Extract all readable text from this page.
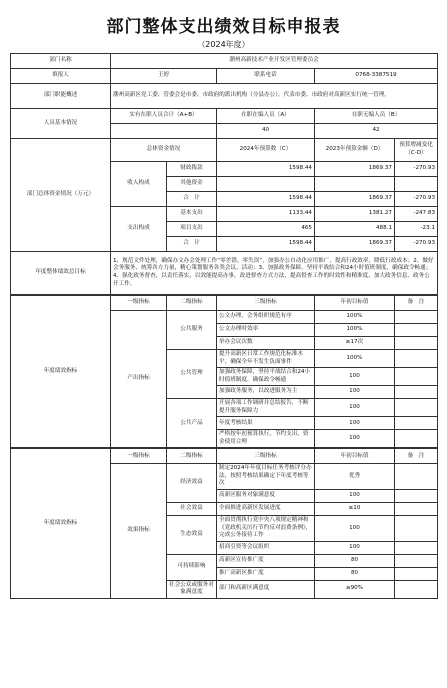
部门整体支出绩效目标申报表
（2024年度）
部门名称	潮州高新技术产业开发区管理委员会				
填报人	王婷		联系电话	0768-3387519	
部门职能概述	潮州高新区党工委、管委会是市委、市政府的派出机构（分县办公），代表市委、市政府对高新区实行统一管理。				
人员基本情况	实有在职人员合计（A+B）		在职在编人员（A）	在职无编人员（B）	
			40	42	
部门总体资金情况（万元）	总体资金情况		2024年预算数（C）	2023年预算金额（D）	预算增减变化（C-D）
	收入构成	财政拨款	1598.44	1869.37	-270.93
		其他资金			
		合　计	1598.44	1869.37	-270.93
	支出构成	基本支出	1133.44	1381.27	-247.83
		项目支出	465	488.1	-23.1
		合　计	1598.44	1869.37	-270.93
年度整体绩效总目标	1、规范文件处理，确保办文办会处理工作“零差错、零失误”，加强办公自动化应用推广，提高行政效率，降低行政成本；2、做好会务服务、统筹各方力量，精心策划服务各类会议、活动；3、加强政务保障，坚持平战结合和24小时值班制度，确保政令畅通；4、强化政务督查，以责任落实，以效能提高办事，改进督查方式方法，提高督查工作的时效性和精准度，加大政务信息、政务公开工作。				
年度绩效指标	一级指标	二级指标	三级指标	年初目标值	备　注
	产出指标	公共服务	公文办理、会务组织规范有序	100%	
			公文办理时效率	100%	
			举办会议次数	≥17次	
		公共管理	提升高新区日常工作规范化标准水平，确保全年不发生负面事件	100%	
			加强政务保障，坚持平战结合和24小时值班制度，确保政令畅通	100	
			加强政务服务，以改进服务为主	100	
		公共产品	开展各项工作调研并总结报告，不断提升服务保障力	100	
			年度考核结果	100	
			严格按年初预算执行，节约支出，资金使用合理	100	
年度绩效指标	一级指标	二级指标	三级指标	年初目标值	备　注
	效果指标	经济效益	制定2024年年度目标任务考核评分办法，按照考核结果确定下年度考核等次	优秀	
			高新区服务对象满意度	100	
		社会效益	全面推进高新区发展进度	≥10	
		生态效益	全面贯彻执行党中央八项规定精神和《党政机关厉行节约反对浪费条例》，完成公务接待工作	100	
			招商引资等会议组织	100	
		可持续影响	高新区宣传推广度	80	
			推广高新区推广度	80	
		社会公众或服务对象满意度	部门和高新区满意度	≥90%	
